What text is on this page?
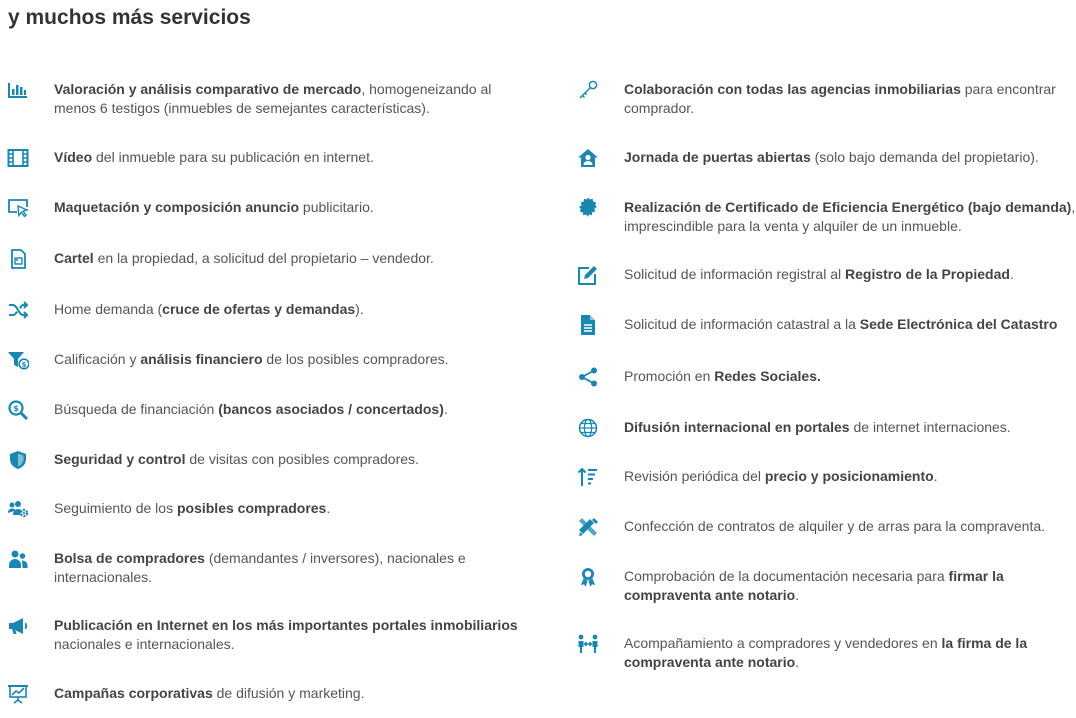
y muchos más servicios
Valoración y análisis comparativo de mercado, homogeneizando al menos 6 testigos (inmuebles de semejantes características).
Vídeo del inmueble para su publicación en internet.
Maquetación y composición anuncio publicitario.
Cartel en la propiedad, a solicitud del propietario – vendedor.
Home demanda (cruce de ofertas y demandas).
$ Calificación y análisis financiero de los posibles compradores.
$	Búsqueda de financiación (bancos asociados / concertados).
Seguridad y control de visitas con posibles compradores.
Seguimiento de los posibles compradores.
Bolsa de compradores (demandantes / inversores), nacionales e internacionales.
Publicación en Internet en los más importantes portales inmobiliarios nacionales e internacionales.
Campañas corporativas de difusión y marketing.
Colaboración con todas las agencias inmobiliarias para encontrar comprador.
Jornada de puertas abiertas (solo bajo demanda del propietario).
Realización de Certificado de Eficiencia Energético (bajo demanda), imprescindible para la venta y alquiler de un inmueble.
Solicitud de información registral al Registro de la Propiedad.
Solicitud de información catastral a la Sede Electrónica del Catastro
Promoción en Redes Sociales.
Difusión internacional en portales de internet internaciones.
Revisión periódica del precio y posicionamiento.
Confección de contratos de alquiler y de arras para la compraventa.
Comprobación de la documentación necesaria para firmar la compraventa ante notario.
Acompañamiento a compradores y vendedores en la firma de la compraventa ante notario.
